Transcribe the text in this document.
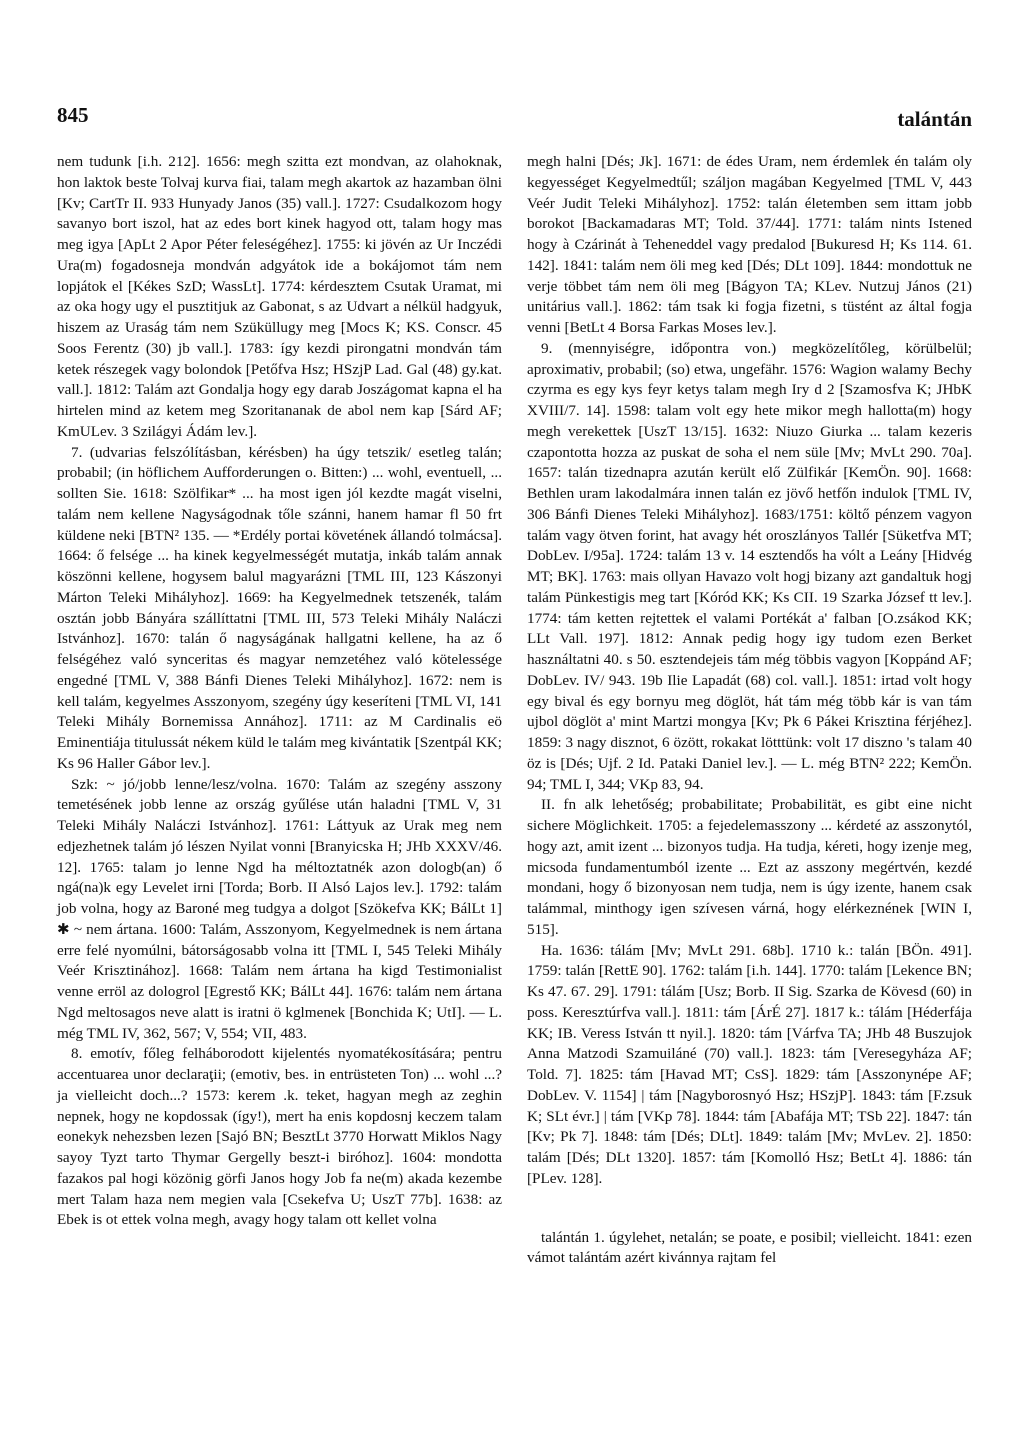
845	talántán

nem tudunk [i.h. 212]. 1656: megh szitta ezt mondvan, az olahoknak, hon laktok beste Tolvaj kurva fiai, talam megh akartok az hazamban ölni [Kv; CartTr II. 933 Hunyady Janos (35) vall.]. 1727: Csudalkozom hogy savanyo bort iszol, hat az edes bort kinek hagyod ott, talam hogy mas meg igya [ApLt 2 Apor Péter feleségéhez]. 1755: ki jövén az Ur Inczédi Ura(m) fogadosneja mondván adgyátok ide a bokájomot tám nem lopjátok el [Kékes SzD; WassLt]. 1774: kérdesztem Csutak Uramat, mi az oka hogy ugy el pusztitjuk az Gabonat, s az Udvart a nélkül hadgyuk, hiszem az Uraság tám nem Szüküllugy meg [Mocs K; KS. Conscr. 45 Soos Ferentz (30) jb vall.]. 1783: így kezdi pirongatni mondván tám ketek részegek vagy bolondok [Petőfva Hsz; HSzjP Lad. Gal (48) gy.kat. vall.]. 1812: Talám azt Gondalja hogy egy darab Joszágomat kapna el ha hirtelen mind az ketem meg Szoritananak de abol nem kap [Sárd AF; KmULev. 3 Szilágyi Ádám lev.].

7. (udvarias felszólításban, kérésben) ha úgy tetszik/ esetleg talán; probabil; (in höflichem Aufforderungen o. Bitten:) ... wohl, eventuell, ... sollten Sie. 1618: Szölfikar* ... ha most igen jól kezdte magát viselni, talám nem kellene Nagyságodnak tőle szánni, hanem hamar fl 50 frt küldene neki [BTN² 135. — *Erdély portai követének állandó tolmácsa]. 1664: ő felsége ... ha kinek kegyelmességét mutatja, inkáb talám annak köszönni kellene, hogysem balul magyarázni [TML III, 123 Kászonyi Márton Teleki Mihályhoz]. 1669: ha Kegyelmednek tetszenék, talám osztán jobb Bányára szállíttatni [TML III, 573 Teleki Mihály Naláczi Istvánhoz]. 1670: talán ő nagyságának hallgatni kellene, ha az ő felségéhez való synceritas és magyar nemzetéhez való kötelessége engedné [TML V, 388 Bánfi Dienes Teleki Mihályhoz]. 1672: nem is kell talám, kegyelmes Asszonyom, szegény úgy keseríteni [TML VI, 141 Teleki Mihály Bornemissa Annához]. 1711: az M Cardinalis eö Eminentiája titulussát nékem küld le talám meg kivántatik [Szentpál KK; Ks 96 Haller Gábor lev.].

Szk: ~ jó/jobb lenne/lesz/volna. 1670: Talám az szegény asszony temetésének jobb lenne az ország gyűlése után haladni [TML V, 31 Teleki Mihály Naláczi Istvánhoz]. 1761: Láttyuk az Urak meg nem edjezhetnek talám jó lészen Nyilat vonni [Branyicska H; JHb XXXV/46. 12]. 1765: talam jo lenne Ngd ha méltoztatnék azon dologb(an) ő ngá(na)k egy Levelet irni [Torda; Borb. II Alsó Lajos lev.]. 1792: talám job volna, hogy az Baroné meg tudgya a dolgot [Szökefva KK; BálLt 1] ✱ ~ nem ártana. 1600: Talám, Asszonyom, Kegyelmednek is nem ártana erre felé nyomúlni, bátorságosabb volna itt [TML I, 545 Teleki Mihály Veér Krisztinához]. 1668: Talám nem ártana ha kigd Testimonialist venne erröl az dologrol [Egrestő KK; BálLt 44]. 1676: talám nem ártana Ngd meltosagos neve alatt is iratni ö kglmenek [Bonchida K; UtI]. — L. még TML IV, 362, 567; V, 554; VII, 483.

8. emotív, főleg felháborodott kijelentés nyomatékosítására; pentru accentuarea unor declaraţii; (emotiv, bes. in entrüsteten Ton) ... wohl ...? ja vielleicht doch...? 1573: kerem .k. teket, hagyan megh az zeghin nepnek, hogy ne kopdossak (így!), mert ha enis kopdosnj keczem talam eonekyk nehezsben lezen [Sajó BN; BesztLt 3770 Horwatt Miklos Nagy sayoy Tyzt tarto Thymar Gergelly beszt-i biróhoz]. 1604: mondotta fazakos pal hogi közönig görfi Janos hogy Job fa ne(m) akada kezembe mert Talam haza nem megien vala [Csekefva U; UszT 77b]. 1638: az Ebek is ot ettek volna megh, avagy hogy talam ott kellet volna

megh halni [Dés; Jk]. 1671: de édes Uram, nem érdemlek én talám oly kegyességet Kegyelmedtűl; száljon magában Kegyelmed [TML V, 443 Veér Judit Teleki Mihályhoz]. 1752: talán életemben sem ittam jobb borokot [Backamadaras MT; Told. 37/44]. 1771: talám nints Istened hogy à Czárinát à Teheneddel vagy predalod [Bukuresd H; Ks 114. 61. 142]. 1841: talám nem öli meg ked [Dés; DLt 109]. 1844: mondottuk ne verje többet tám nem öli meg [Bágyon TA; KLev. Nutzuj János (21) unitárius vall.]. 1862: tám tsak ki fogja fizetni, s tüstént az által fogja venni [BetLt 4 Borsa Farkas Moses lev.].

9. (mennyiségre, időpontra von.) megközelítőleg, körülbelül; aproximativ, probabil; (so) etwa, ungefähr. 1576: Wagion walamy Bechy czyrma es egy kys feyr ketys talam megh Iry d 2 [Szamosfva K; JHbK XVIII/7. 14]. 1598: talam volt egy hete mikor megh hallotta(m) hogy megh verekettek [UszT 13/15]. 1632: Niuzo Giurka ... talam kezeris czapontotta hozza az puskat de soha el nem süle [Mv; MvLt 290. 70a]. 1657: talán tizednapra azután került elő Zülfikár [KemÖn. 90]. 1668: Bethlen uram lakodalmára innen talán ez jövő hetfőn indulok [TML IV, 306 Bánfi Dienes Teleki Mihályhoz]. 1683/1751: költő pénzem vagyon talám vagy ötven forint, hat avagy hét oroszlányos Tallér [Süketfva MT; DobLev. I/95a]. 1724: talám 13 v. 14 esztendős ha vólt a Leány [Hidvég MT; BK]. 1763: mais ollyan Havazo volt hogj bizany azt gandaltuk hogj talám Pünkestigis meg tart [Kóród KK; Ks CII. 19 Szarka József tt lev.]. 1774: tám ketten rejtettek el valami Portékát a' falban [O.zsákod KK; LLt Vall. 197]. 1812: Annak pedig hogy igy tudom ezen Berket használtatni 40. s 50. esztendejeis tám még többis vagyon [Koppánd AF; DobLev. IV/ 943. 19b Ilie Lapadát (68) col. vall.]. 1851: irtad volt hogy egy bival és egy bornyu meg döglöt, hát tám még több kár is van tám ujbol döglöt a' mint Martzi mongya [Kv; Pk 6 Pákei Krisztina férjéhez]. 1859: 3 nagy disznot, 6 özött, rokakat lötttünk: volt 17 diszno 's talam 40 öz is [Dés; Ujf. 2 Id. Pataki Daniel lev.]. — L. még BTN² 222; KemÖn. 94; TML I, 344; VKp 83, 94.

II. fn alk lehetőség; probabilitate; Probabilität, es gibt eine nicht sichere Möglichkeit. 1705: a fejedelemasszony ... kérdeté az asszonytól, hogy azt, amit izent ... bizonyos tudja. Ha tudja, kéreti, hogy izenje meg, micsoda fundamentumból izente ... Ezt az asszony megértvén, kezdé mondani, hogy ő bizonyosan nem tudja, nem is úgy izente, hanem csak talámmal, minthogy igen szívesen várná, hogy elérkeznének [WIN I, 515].

Ha. 1636: tálám [Mv; MvLt 291. 68b]. 1710 k.: talán [BÖn. 491]. 1759: talán [RettE 90]. 1762: talám [i.h. 144]. 1770: talám [Lekence BN; Ks 47. 67. 29]. 1791: tálám [Usz; Borb. II Sig. Szarka de Kövesd (60) in poss. Keresztúrfva vall.]. 1811: tám [ÁrÉ 27]. 1817 k.: tálám [Héderfája KK; IB. Veress István tt nyil.]. 1820: tám [Várfva TA; JHb 48 Buszujok Anna Matzodi Szamuiláné (70) vall.]. 1823: tám [Veresegyháza AF; Told. 7]. 1825: tám [Havad MT; CsS]. 1829: tám [Asszonynépe AF; DobLev. V. 1154] | tám [Nagyborosnyó Hsz; HSzjP]. 1843: tám [F.zsuk K; SLt évr.] | tám [VKp 78]. 1844: tám [Abafája MT; TSb 22]. 1847: tán [Kv; Pk 7]. 1848: tám [Dés; DLt]. 1849: talám [Mv; MvLev. 2]. 1850: talám [Dés; DLt 1320]. 1857: tám [Komolló Hsz; BetLt 4]. 1886: tán [PLev. 128].

talántán 1. úgylehet, netalán; se poate, e posibil; vielleicht. 1841: ezen vámot talántám azért kivánnya rajtam fel
